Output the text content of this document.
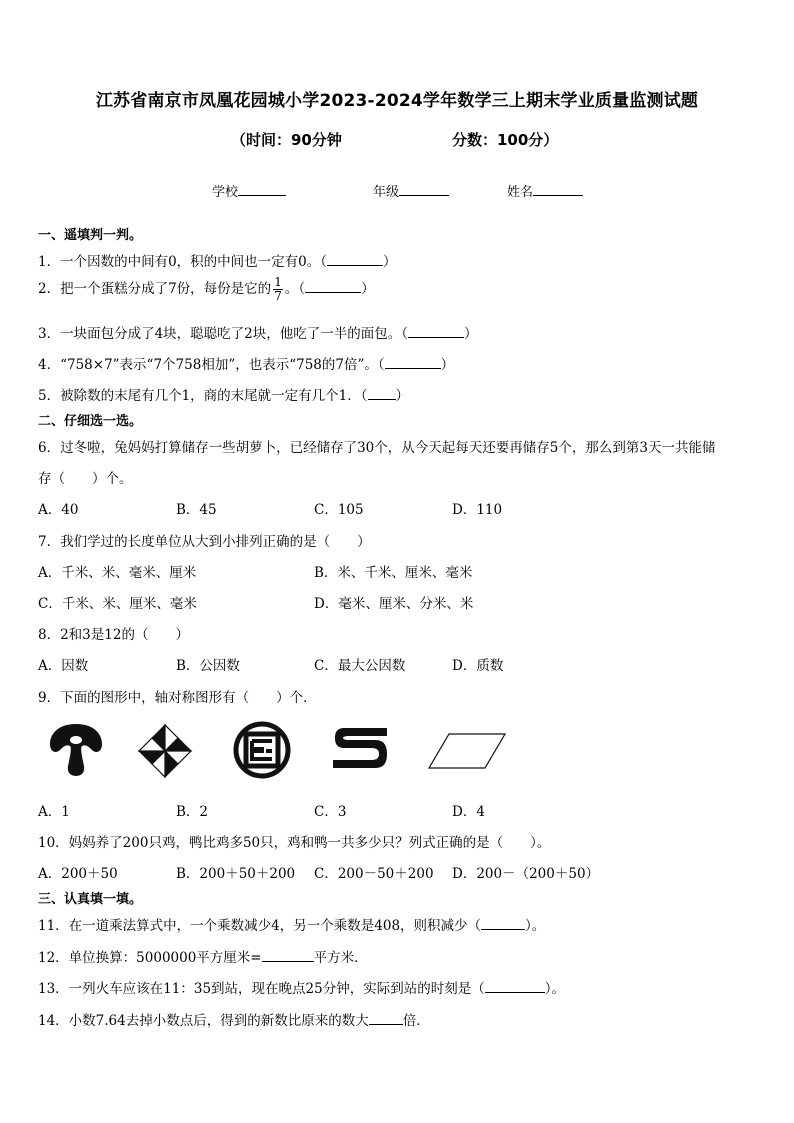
江苏省南京市凤凰花园城小学2023-2024学年数学三上期末学业质量监测试题
（时间：90分钟	分数：100分）
学校	年级	姓名
一、遥填判一判。
1．一个因数的中间有0，积的中间也一定有0。（	）
2．把一个蛋糕分成了7份，每份是它的 $\frac{1}{7}$ 。（	）
3．一块面包分成了4块，聪聪吃了2块，他吃了一半的面包。（	）
4．“758×7”表示“7个758相加”，也表示“758的7倍”。（	）
5．被除数的末尾有几个1，商的末尾就一定有几个1．（ ）
二、仔细选一选。
6．过冬啦，兔妈妈打算储存一些胡萝卜，已经储存了30个，从今天起每天还要再储存5个，那么到第3天一共能储
存（　　）个。
A．40	B．45	C．105	D．110
7．我们学过的长度单位从大到小排列正确的是（　　）
A．千米、米、毫米、厘米	B．米、千米、厘米、毫米
C．千米、米、厘米、毫米	D．毫米、厘米、分米、米
8．2和3是12的（　　）
A．因数	B．公因数	C．最大公因数	D．质数
9．下面的图形中，轴对称图形有（　　）个．
A．1	B．2	C．3	D．4
10．妈妈养了200只鸡，鸭比鸡多50只，鸡和鸭一共多少只？列式正确的是（　　）。
A．200＋50	B．200＋50＋200 C．200－50＋200 D．200－（200＋50）
三、认真填一填。
11．在一道乘法算式中，一个乘数减少4，另一个乘数是408，则积减少（	）。
12．单位换算：5000000平方厘米=	平方米．
13．一列火车应该在11：35到站，现在晚点25分钟，实际到站的时刻是（	）。
14．小数7.64去掉小数点后，得到的新数比原来的数大	倍．
